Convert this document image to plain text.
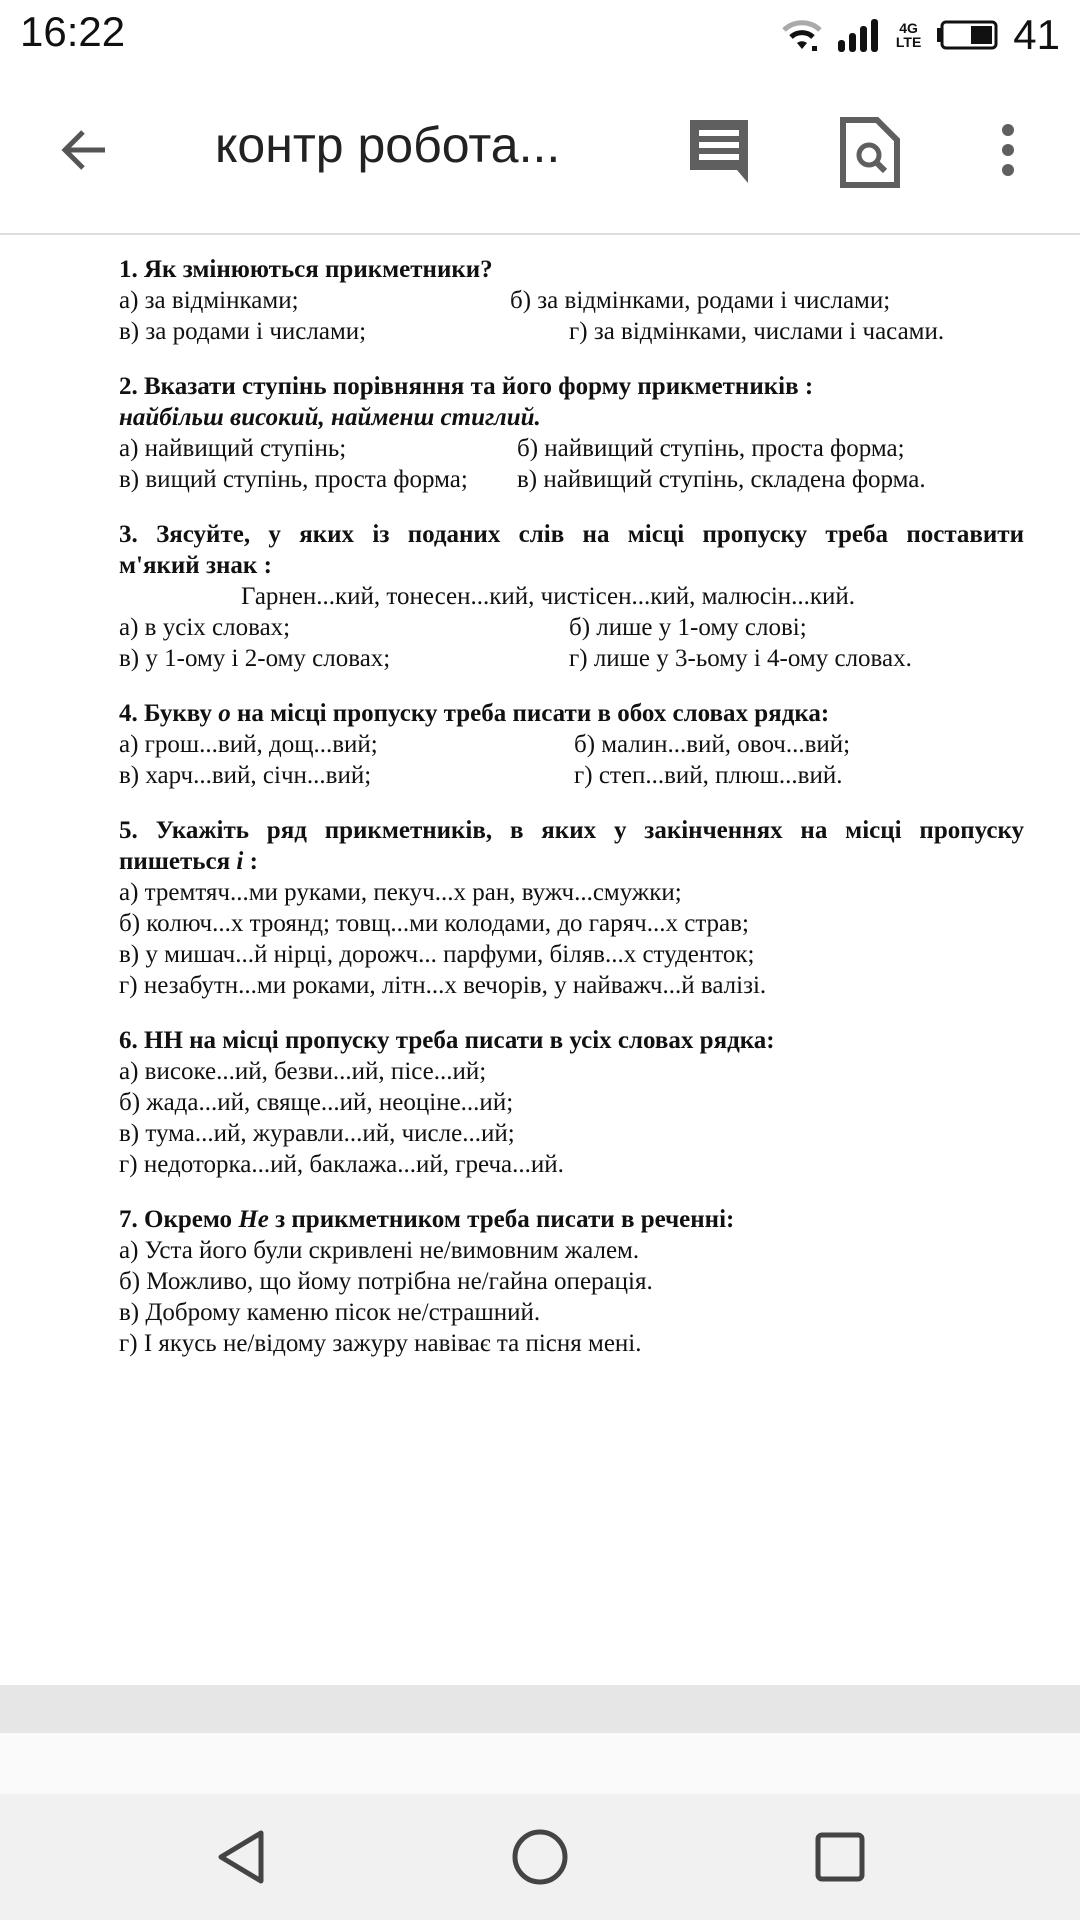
16:22	4G
LTE 41
контр робота...
1. Як змінюються прикметники?
а) за відмінками;	б) за відмінками, родами і числами;
в) за родами і числами;	г) за відмінками, числами і часами.
2. Вказати ступінь порівняння та його форму прикметників :
найбільш високий, найменш стиглий.
а) найвищий ступінь;	б) найвищий ступінь, проста форма;
в) вищий ступінь, проста форма; в) найвищий ступінь, складена форма.
3. Зясуйте, у яких із поданих слів на місці пропуску треба поставити
м'який знак :
Гарнен...кий, тонесен...кий, чистісен...кий, малюсін...кий.
а) в усіх словах;	б) лише у 1-ому слові;
в) у 1-ому і 2-ому словах;	г) лише у 3-ьому і 4-ому словах.
4. Букву о на місці пропуску треба писати в обох словах рядка:
а) грош...вий, дощ...вий;	б) малин...вий, овоч...вий;
в) харч...вий, січн...вий;	г) степ...вий, плюш...вий.
5. Укажіть ряд прикметників, в яких у закінченнях на місці пропуску
пишеться і :
а) тремтяч...ми руками, пекуч...х ран, вужч...смужки;
б) колюч...х троянд; товщ...ми колодами, до гаряч...х страв;
в) у мишач...й нірці, дорожч... парфуми, біляв...х студенток;
г) незабутн...ми роками, літн...х вечорів, у найважч...й валізі.
6. НН на місці пропуску треба писати в усіх словах рядка:
а) високе...ий, безви...ий, пісе...ий;
б) жада...ий, свяще...ий, неоціне...ий;
в) тума...ий, журавли...ий, числе...ий;
г) недоторка...ий, баклажа...ий, греча...ий.
7. Окремо Не з прикметником треба писати в реченні:
а) Уста його були скривлені не/вимовним жалем.
б) Можливо, що йому потрібна не/гайна операція.
в) Доброму каменю пісок не/страшний.
г) І якусь не/відому зажуру навіває та пісня мені.
